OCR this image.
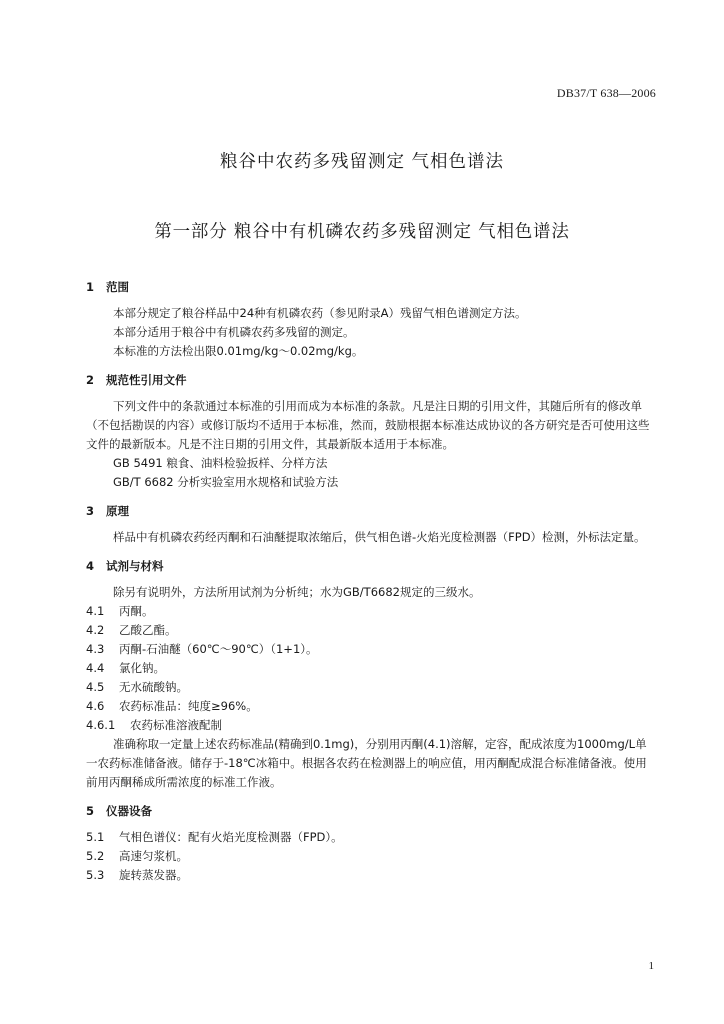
DB37/T 638—2006
粮谷中农药多残留测定 气相色谱法
第一部分 粮谷中有机磷农药多残留测定 气相色谱法
1 范围

本部分规定了粮谷样品中24种有机磷农药（参见附录A）残留气相色谱测定方法。

本部分适用于粮谷中有机磷农药多残留的测定。

本标准的方法检出限0.01mg/kg～0.02mg/kg。

2 规范性引用文件

下列文件中的条款通过本标准的引用而成为本标准的条款。凡是注日期的引用文件，其随后所有的修改单（不包括勘误的内容）或修订版均不适用于本标准，然而，鼓励根据本标准达成协议的各方研究是否可使用这些文件的最新版本。凡是不注日期的引用文件，其最新版本适用于本标准。

GB 5491 粮食、油料检验扳样、分样方法

GB/T 6682 分析实验室用水规格和试验方法

3 原理

样品中有机磷农药经丙酮和石油醚提取浓缩后，供气相色谱-火焰光度检测器（FPD）检测，外标法定量。

4 试剂与材料

除另有说明外，方法所用试剂为分析纯；水为GB/T6682规定的三级水。

4.1 丙酮。

4.2 乙酸乙酯。

4.3 丙酮-石油醚（60℃～90℃）（1+1）。

4.4 氯化钠。

4.5 无水硫酸钠。

4.6 农药标准品：纯度≥96%。

4.6.1 农药标准溶液配制

准确称取一定量上述农药标准品(精确到0.1mg)，分别用丙酮(4.1)溶解，定容，配成浓度为1000mg/L单一农药标准储备液。储存于-18℃冰箱中。根据各农药在检测器上的响应值，用丙酮配成混合标准储备液。使用前用丙酮稀成所需浓度的标准工作液。

5 仪器设备

5.1 气相色谱仪：配有火焰光度检测器（FPD）。

5.2 高速匀浆机。

5.3 旋转蒸发器。

1
